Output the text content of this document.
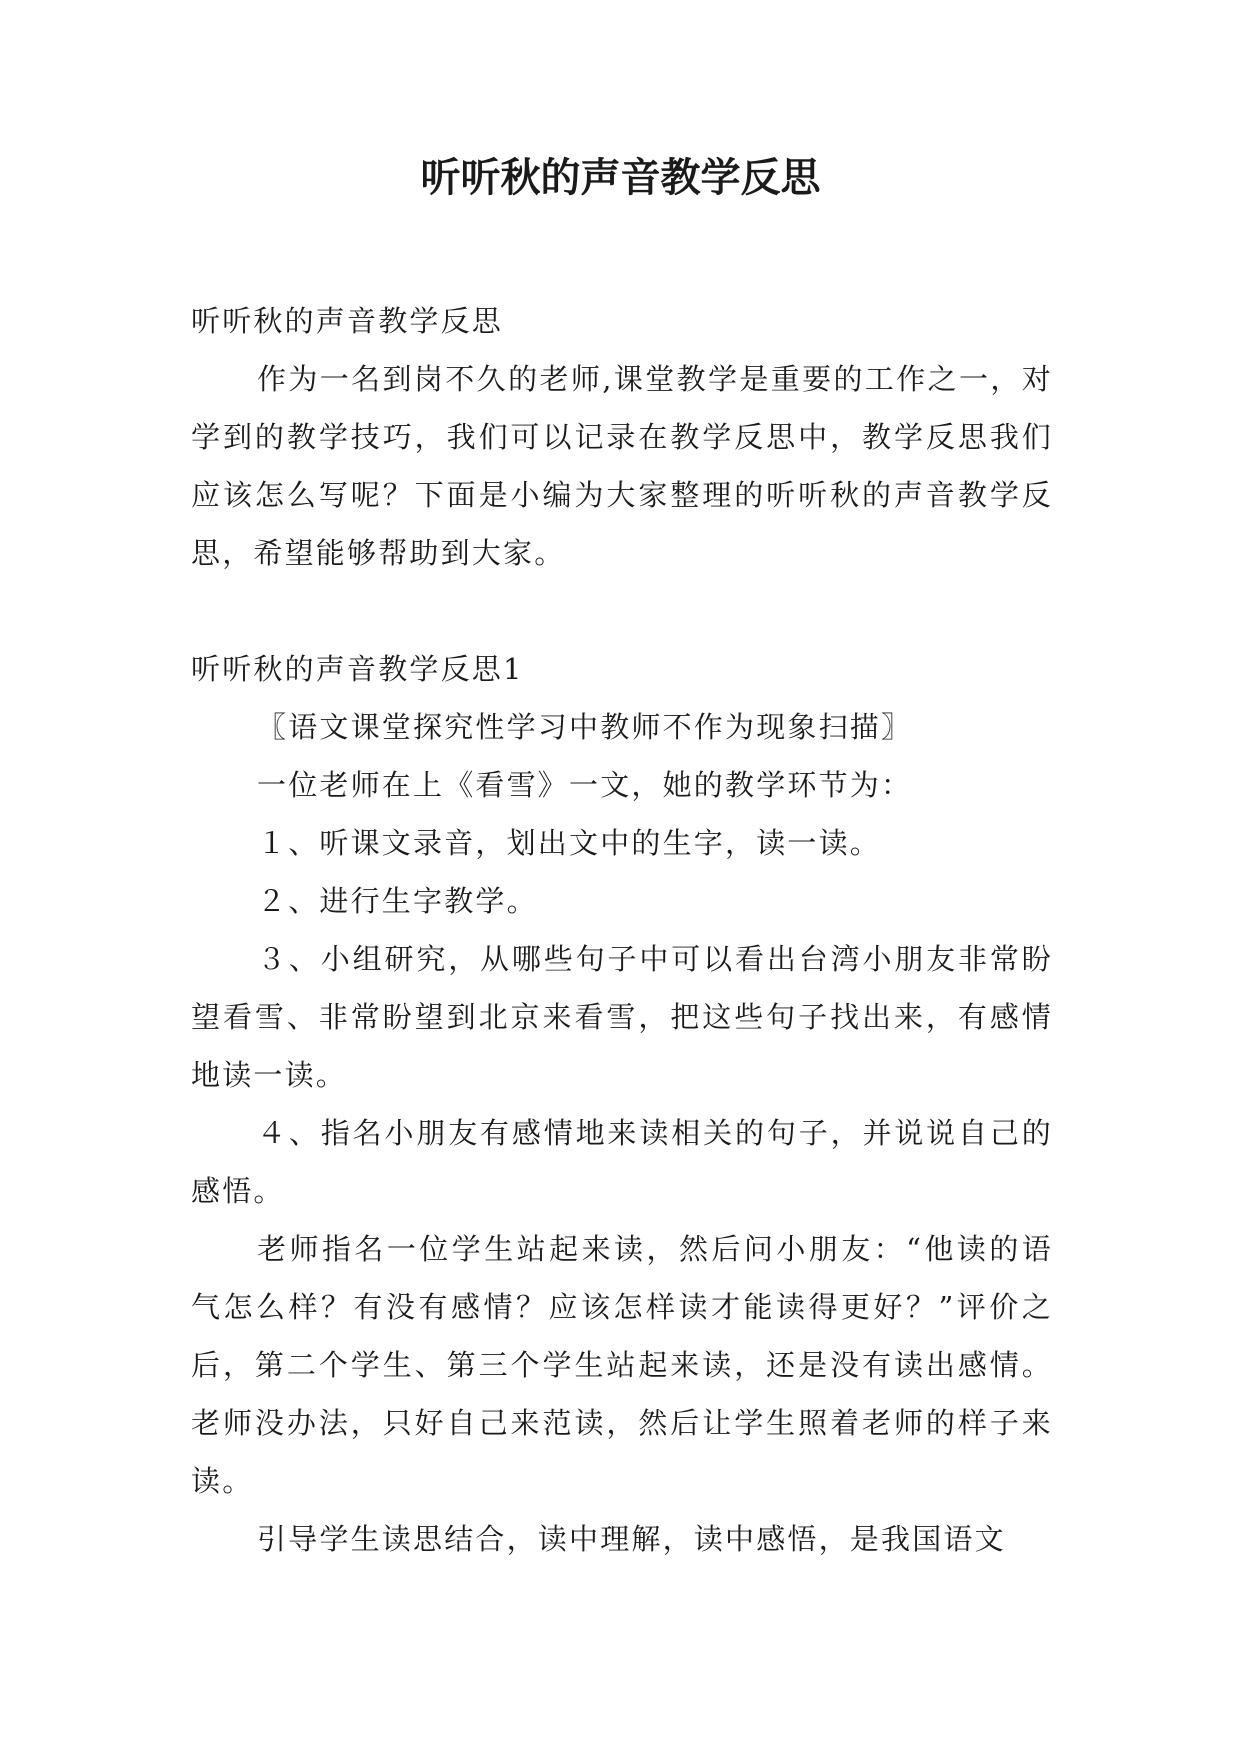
听听秋的声音教学反思

听听秋的声音教学反思

作为一名到岗不久的老师,课堂教学是重要的工作之一，对学到的教学技巧，我们可以记录在教学反思中，教学反思我们应该怎么写呢？下面是小编为大家整理的听听秋的声音教学反思，希望能够帮助到大家。

听听秋的声音教学反思1

〖语文课堂探究性学习中教师不作为现象扫描〗

一位老师在上《看雪》一文，她的教学环节为：

１、听课文录音，划出文中的生字，读一读。

２、进行生字教学。

３、小组研究，从哪些句子中可以看出台湾小朋友非常盼望看雪、非常盼望到北京来看雪，把这些句子找出来，有感情地读一读。

４、指名小朋友有感情地来读相关的句子，并说说自己的感悟。

老师指名一位学生站起来读，然后问小朋友：“他读的语气怎么样？有没有感情？应该怎样读才能读得更好？”评价之后，第二个学生、第三个学生站起来读，还是没有读出感情。老师没办法，只好自己来范读，然后让学生照着老师的样子来读。

引导学生读思结合，读中理解，读中感悟，是我国语文
